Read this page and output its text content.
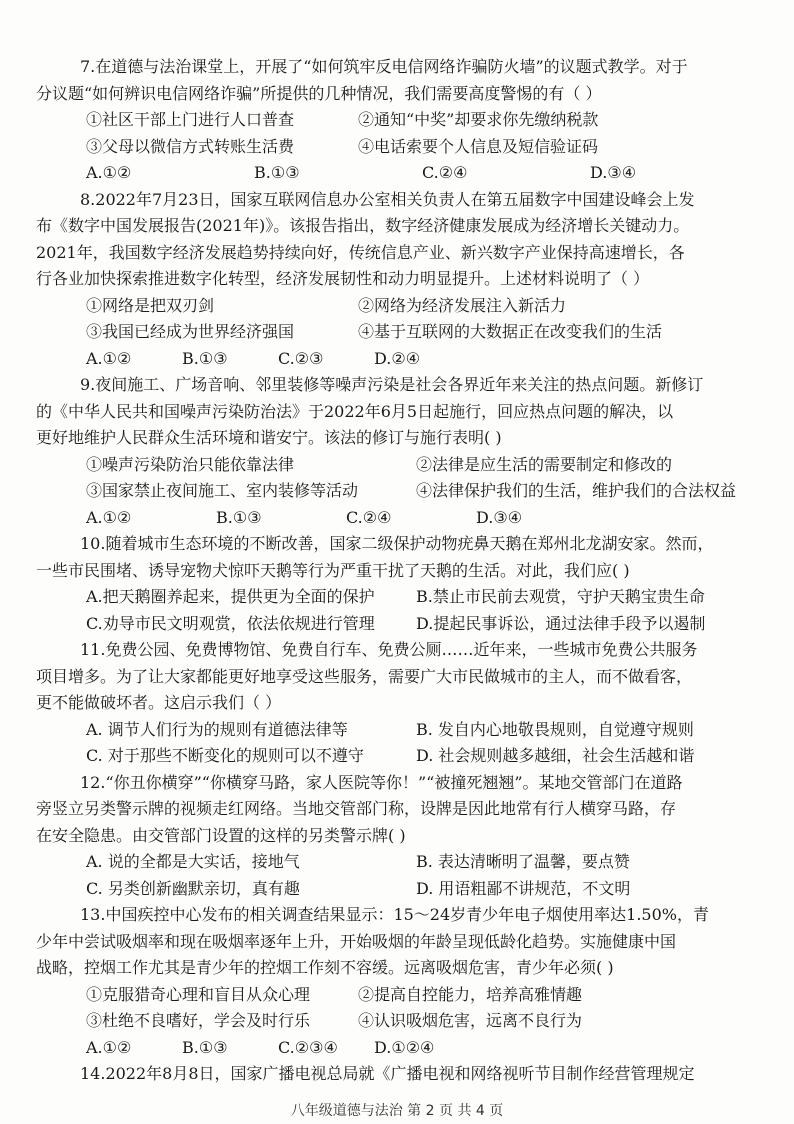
7.在道德与法治课堂上，开展了“如何筑牢反电信网络诈骗防火墙”的议题式教学。对于
分议题“如何辨识电信网络诈骗”所提供的几种情况，我们需要高度警惕的有（ ）
①社区干部上门进行人口普查	②通知“中奖”却要求你先缴纳税款
③父母以微信方式转账生活费	④电话索要个人信息及短信验证码
A.①②	B.①③	C.②④	D.③④
8.2022年7月23日，国家互联网信息办公室相关负责人在第五届数字中国建设峰会上发
布《数字中国发展报告(2021年)》。该报告指出，数字经济健康发展成为经济增长关键动力。
2021年，我国数字经济发展趋势持续向好，传统信息产业、新兴数字产业保持高速增长，各
行各业加快探索推进数字化转型，经济发展韧性和动力明显提升。上述材料说明了（ ）
①网络是把双刃剑	②网络为经济发展注入新活力
③我国已经成为世界经济强国	④基于互联网的大数据正在改变我们的生活
A.①②	B.①③	C.②③	D.②④
9.夜间施工、广场音响、邻里装修等噪声污染是社会各界近年来关注的热点问题。新修订
的《中华人民共和国噪声污染防治法》于2022年6月5日起施行，回应热点问题的解决，以
更好地维护人民群众生活环境和谐安宁。该法的修订与施行表明( )
①噪声污染防治只能依靠法律	②法律是应生活的需要制定和修改的
③国家禁止夜间施工、室内装修等活动	④法律保护我们的生活，维护我们的合法权益
A.①②	B.①③	C.②④	D.③④
10.随着城市生态环境的不断改善，国家二级保护动物疣鼻天鹅在郑州北龙湖安家。然而，
一些市民围堵、诱导宠物犬惊吓天鹅等行为严重干扰了天鹅的生活。对此，我们应( )
A.把天鹅圈养起来，提供更为全面的保护	B.禁止市民前去观赏，守护天鹅宝贵生命
C.劝导市民文明观赏，依法依规进行管理	D.提起民事诉讼，通过法律手段予以遏制
11.免费公园、免费博物馆、免费自行车、免费公厕……近年来，一些城市免费公共服务
项目增多。为了让大家都能更好地享受这些服务，需要广大市民做城市的主人，而不做看客，
更不能做破坏者。这启示我们（ ）
A. 调节人们行为的规则有道德法律等	B. 发自内心地敬畏规则，自觉遵守规则
C. 对于那些不断变化的规则可以不遵守	D. 社会规则越多越细，社会生活越和谐
12.“你丑你横穿”“你横穿马路，家人医院等你！”“被撞死翘翘”。某地交管部门在道路
旁竖立另类警示牌的视频走红网络。当地交管部门称，设牌是因此地常有行人横穿马路，存
在安全隐患。由交管部门设置的这样的另类警示牌( )
A. 说的全都是大实话，接地气	B. 表达清晰明了温馨，要点赞
C. 另类创新幽默亲切，真有趣	D. 用语粗鄙不讲规范，不文明
13.中国疾控中心发布的相关调查结果显示：15～24岁青少年电子烟使用率达1.50%，青
少年中尝试吸烟率和现在吸烟率逐年上升，开始吸烟的年龄呈现低龄化趋势。实施健康中国
战略，控烟工作尤其是青少年的控烟工作刻不容缓。远离吸烟危害，青少年必须( )
①克服猎奇心理和盲目从众心理	②提高自控能力，培养高雅情趣
③杜绝不良嗜好，学会及时行乐	④认识吸烟危害，远离不良行为
A.①②	B.①③	C.②③④	D.①②④
14.2022年8月8日，国家广播电视总局就《广播电视和网络视听节目制作经营管理规定
八年级道德与法治 第 2 页 共 4 页
